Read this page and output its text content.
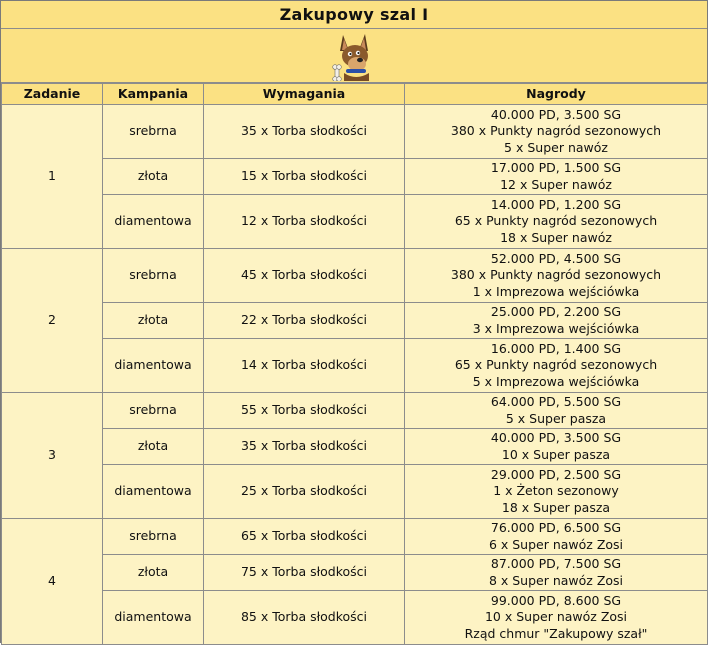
Zakupowy szal I
Zadanie	Kampania	Wymagania	Nagrody
1	srebrna	35 x Torba słodkości	40.000 PD, 3.500 SG
380 x Punkty nagród sezonowych
5 x Super nawóz

	złota	15 x Torba słodkości	17.000 PD, 1.500 SG
12 x Super nawóz

	diamentowa	12 x Torba słodkości	14.000 PD, 1.200 SG
65 x Punkty nagród sezonowych
18 x Super nawóz

2	srebrna	45 x Torba słodkości	52.000 PD, 4.500 SG
380 x Punkty nagród sezonowych
1 x Imprezowa wejściówka

	złota	22 x Torba słodkości	25.000 PD, 2.200 SG
3 x Imprezowa wejściówka

	diamentowa	14 x Torba słodkości	16.000 PD, 1.400 SG
65 x Punkty nagród sezonowych
5 x Imprezowa wejściówka

3	srebrna	55 x Torba słodkości	64.000 PD, 5.500 SG
5 x Super pasza

	złota	35 x Torba słodkości	40.000 PD, 3.500 SG
10 x Super pasza

	diamentowa	25 x Torba słodkości	29.000 PD, 2.500 SG
1 x Żeton sezonowy
18 x Super pasza

4	srebrna	65 x Torba słodkości	76.000 PD, 6.500 SG
6 x Super nawóz Zosi

	złota	75 x Torba słodkości	87.000 PD, 7.500 SG
8 x Super nawóz Zosi

	diamentowa	85 x Torba słodkości	99.000 PD, 8.600 SG
10 x Super nawóz Zosi
Rząd chmur "Zakupowy szał"
